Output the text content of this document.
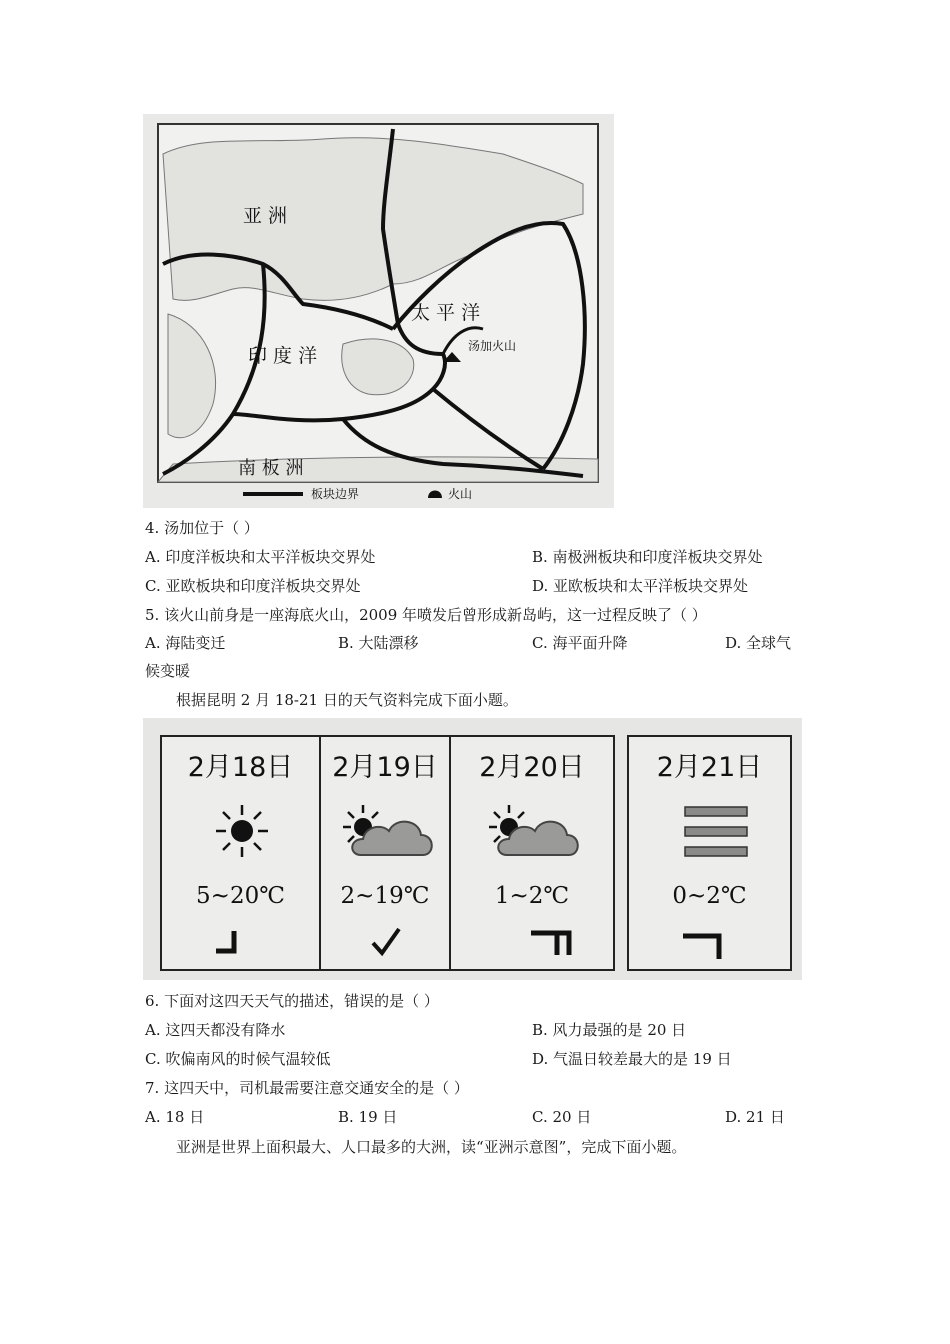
亚 洲
太 平 洋
印 度 洋
南 板 洲
汤加火山
板块边界	火山
4. 汤加位于（ ）
A. 印度洋板块和太平洋板块交界处	B. 南极洲板块和印度洋板块交界处
C. 亚欧板块和印度洋板块交界处	D. 亚欧板块和太平洋板块交界处
5. 该火山前身是一座海底火山，2009 年喷发后曾形成新岛屿，这一过程反映了（ ）
A. 海陆变迁	B. 大陆漂移	C. 海平面升降	D. 全球气
候变暖
根据昆明 2 月 18-21 日的天气资料完成下面小题。
2月18日
5~20℃
2月19日
2~19℃
2月20日
1~2℃
2月21日
0~2℃
6. 下面对这四天天气的描述，错误的是（ ）
A. 这四天都没有降水	B. 风力最强的是 20 日
C. 吹偏南风的时候气温较低	D. 气温日较差最大的是 19 日
7. 这四天中，司机最需要注意交通安全的是（ ）
A. 18 日	B. 19 日	C. 20 日	D. 21 日
亚洲是世界上面积最大、人口最多的大洲，读“亚洲示意图”，完成下面小题。
